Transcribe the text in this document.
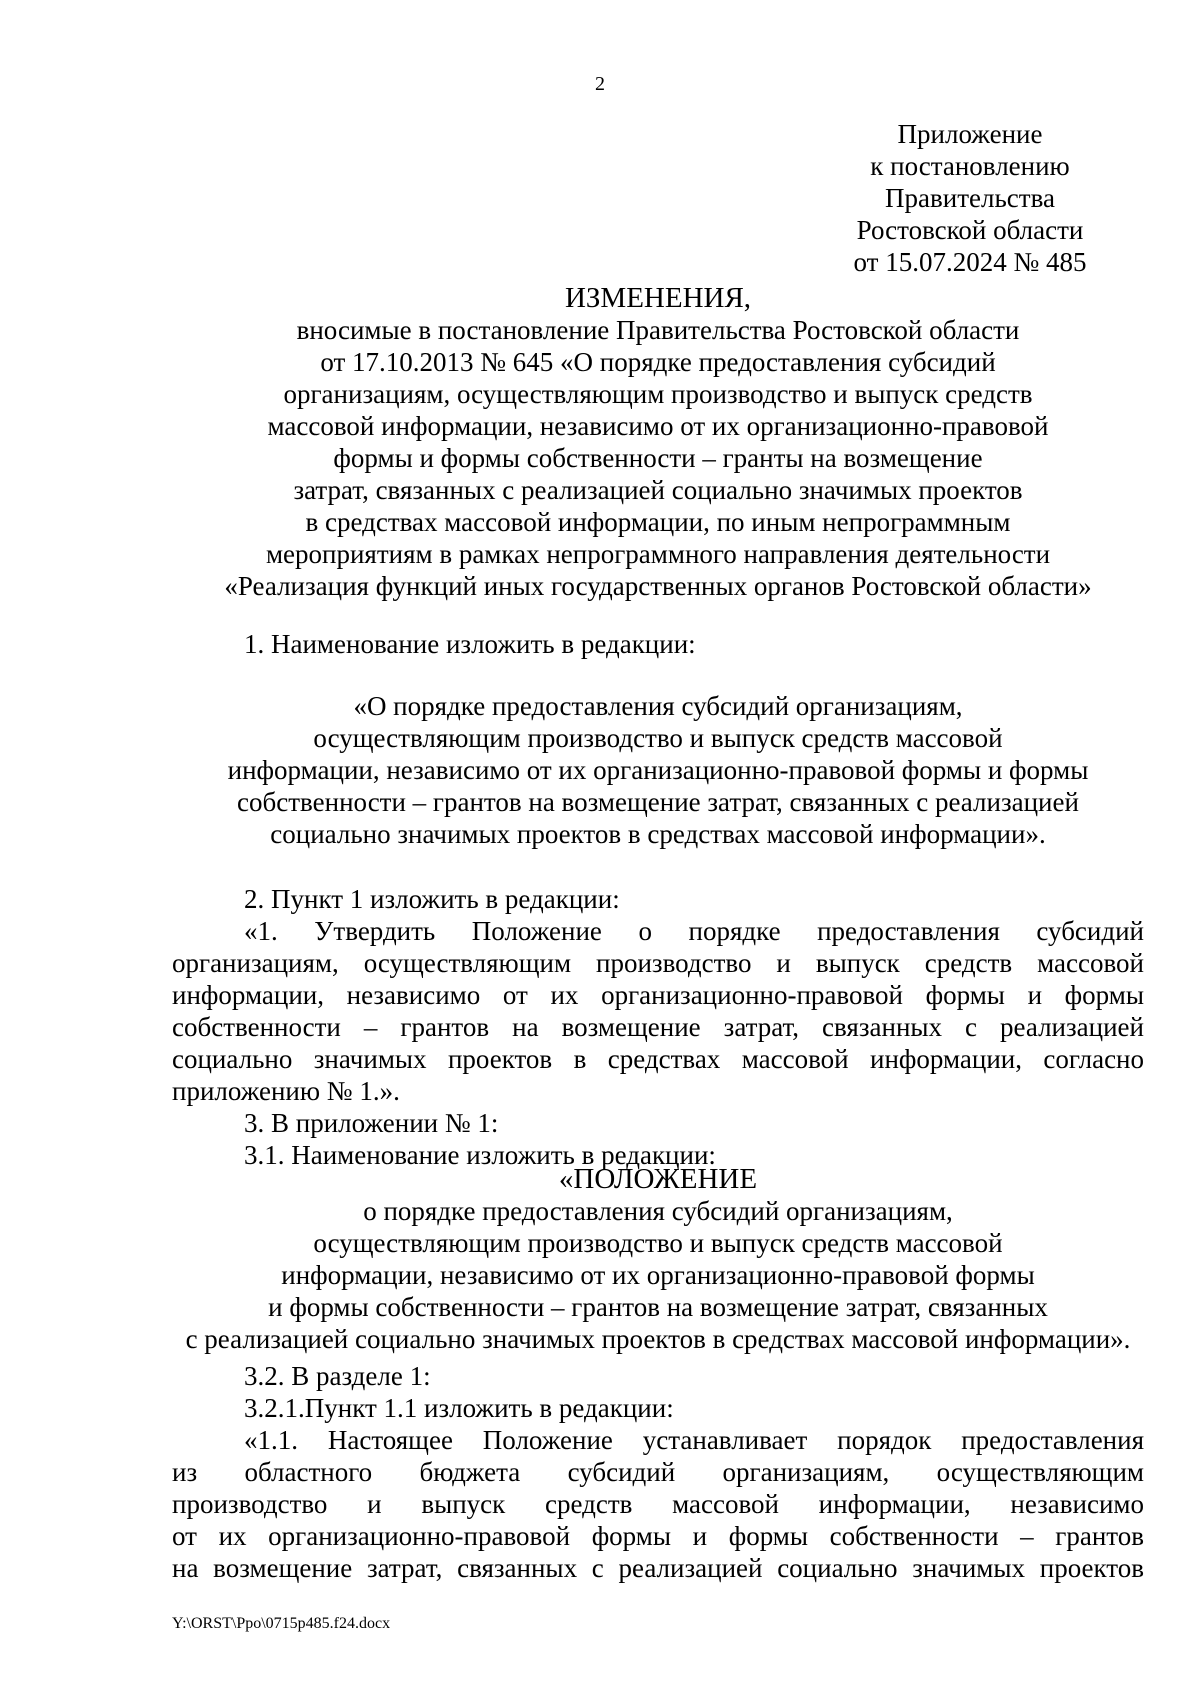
2
Приложение
к постановлению
Правительства
Ростовской области
от 15.07.2024 № 485
ИЗМЕНЕНИЯ,
вносимые в постановление Правительства Ростовской области
от 17.10.2013 № 645 «О порядке предоставления субсидий
организациям, осуществляющим производство и выпуск средств
массовой информации, независимо от их организационно-правовой
формы и формы собственности – гранты на возмещение
затрат, связанных с реализацией социально значимых проектов
в средствах массовой информации, по иным непрограммным
мероприятиям в рамках непрограммного направления деятельности
«Реализация функций иных государственных органов Ростовской области»
1. Наименование изложить в редакции:
«О порядке предоставления субсидий организациям,
осуществляющим производство и выпуск средств массовой
информации, независимо от их организационно-правовой формы и формы
собственности – грантов на возмещение затрат, связанных с реализацией
социально значимых проектов в средствах массовой информации».
2. Пункт 1 изложить в редакции:
«1. Утвердить Положение о порядке предоставления субсидий
организациям, осуществляющим производство и выпуск средств массовой
информации, независимо от их организационно-правовой формы и формы
собственности – грантов на возмещение затрат, связанных с реализацией
социально значимых проектов в средствах массовой информации, согласно
приложению № 1.».
3. В приложении № 1:
3.1. Наименование изложить в редакции:
«ПОЛОЖЕНИЕ
о порядке предоставления субсидий организациям,
осуществляющим производство и выпуск средств массовой
информации, независимо от их организационно-правовой формы
и формы собственности – грантов на возмещение затрат, связанных
с реализацией социально значимых проектов в средствах массовой информации».
3.2. В разделе 1:
3.2.1.Пункт 1.1 изложить в редакции:
«1.1. Настоящее Положение устанавливает порядок предоставления
из областного бюджета субсидий организациям, осуществляющим
производство и выпуск средств массовой информации, независимо
от их организационно-правовой формы и формы собственности – грантов
на возмещение затрат, связанных с реализацией социально значимых проектов
Y:\ORST\Ppo\0715p485.f24.docx
